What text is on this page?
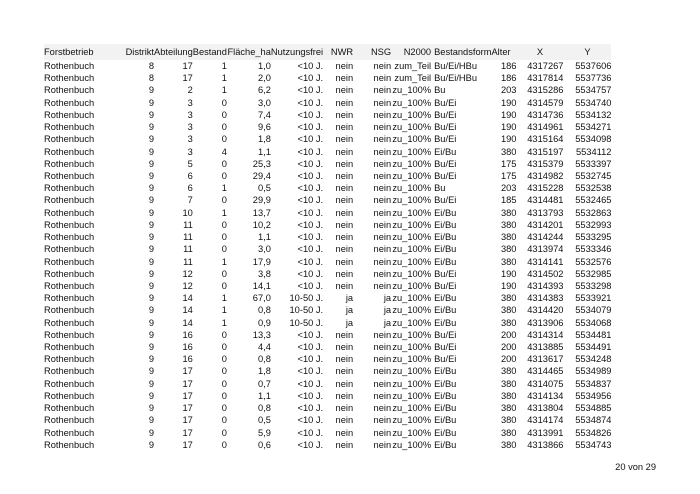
Forstbetrieb	Distrikt	Abteilung	Bestand	Fläche_ha	Nutzungsfrei	NWR	NSG	N2000	Bestandsform	Alter	X	Y
Rothenbuch	8	17	1	1,0	<10 J.	nein	nein	zum_Teil	Bu/Ei/HBu	186	4317267	5537606
Rothenbuch	8	17	1	2,0	<10 J.	nein	nein	zum_Teil	Bu/Ei/HBu	186	4317814	5537736
Rothenbuch	9	2	1	6,2	<10 J.	nein	nein	zu_100%	Bu	203	4315286	5534757
Rothenbuch	9	3	0	3,0	<10 J.	nein	nein	zu_100%	Bu/Ei	190	4314579	5534740
Rothenbuch	9	3	0	7,4	<10 J.	nein	nein	zu_100%	Bu/Ei	190	4314736	5534132
Rothenbuch	9	3	0	9,6	<10 J.	nein	nein	zu_100%	Bu/Ei	190	4314961	5534271
Rothenbuch	9	3	0	1,8	<10 J.	nein	nein	zu_100%	Bu/Ei	190	4315164	5534098
Rothenbuch	9	3	4	1,1	<10 J.	nein	nein	zu_100%	Ei/Bu	380	4315197	5534112
Rothenbuch	9	5	0	25,3	<10 J.	nein	nein	zu_100%	Bu/Ei	175	4315379	5533397
Rothenbuch	9	6	0	29,4	<10 J.	nein	nein	zu_100%	Bu/Ei	175	4314982	5532745
Rothenbuch	9	6	1	0,5	<10 J.	nein	nein	zu_100%	Bu	203	4315228	5532538
Rothenbuch	9	7	0	29,9	<10 J.	nein	nein	zu_100%	Bu/Ei	185	4314481	5532465
Rothenbuch	9	10	1	13,7	<10 J.	nein	nein	zu_100%	Ei/Bu	380	4313793	5532863
Rothenbuch	9	11	0	10,2	<10 J.	nein	nein	zu_100%	Ei/Bu	380	4314201	5532993
Rothenbuch	9	11	0	1,1	<10 J.	nein	nein	zu_100%	Ei/Bu	380	4314244	5533295
Rothenbuch	9	11	0	3,0	<10 J.	nein	nein	zu_100%	Ei/Bu	380	4313974	5533346
Rothenbuch	9	11	1	17,9	<10 J.	nein	nein	zu_100%	Ei/Bu	380	4314141	5532576
Rothenbuch	9	12	0	3,8	<10 J.	nein	nein	zu_100%	Bu/Ei	190	4314502	5532985
Rothenbuch	9	12	0	14,1	<10 J.	nein	nein	zu_100%	Bu/Ei	190	4314393	5533298
Rothenbuch	9	14	1	67,0	10-50 J.	ja	ja	zu_100%	Ei/Bu	380	4314383	5533921
Rothenbuch	9	14	1	0,8	10-50 J.	ja	ja	zu_100%	Ei/Bu	380	4314420	5534079
Rothenbuch	9	14	1	0,9	10-50 J.	ja	ja	zu_100%	Ei/Bu	380	4313906	5534068
Rothenbuch	9	16	0	13,3	<10 J.	nein	nein	zu_100%	Bu/Ei	200	4314314	5534481
Rothenbuch	9	16	0	4,4	<10 J.	nein	nein	zu_100%	Bu/Ei	200	4313885	5534491
Rothenbuch	9	16	0	0,8	<10 J.	nein	nein	zu_100%	Bu/Ei	200	4313617	5534248
Rothenbuch	9	17	0	1,8	<10 J.	nein	nein	zu_100%	Ei/Bu	380	4314465	5534989
Rothenbuch	9	17	0	0,7	<10 J.	nein	nein	zu_100%	Ei/Bu	380	4314075	5534837
Rothenbuch	9	17	0	1,1	<10 J.	nein	nein	zu_100%	Ei/Bu	380	4314134	5534956
Rothenbuch	9	17	0	0,8	<10 J.	nein	nein	zu_100%	Ei/Bu	380	4313804	5534885
Rothenbuch	9	17	0	0,5	<10 J.	nein	nein	zu_100%	Ei/Bu	380	4314174	5534874
Rothenbuch	9	17	0	5,9	<10 J.	nein	nein	zu_100%	Ei/Bu	380	4313991	5534826
Rothenbuch	9	17	0	0,6	<10 J.	nein	nein	zu_100%	Ei/Bu	380	4313866	5534743
20 von 29
